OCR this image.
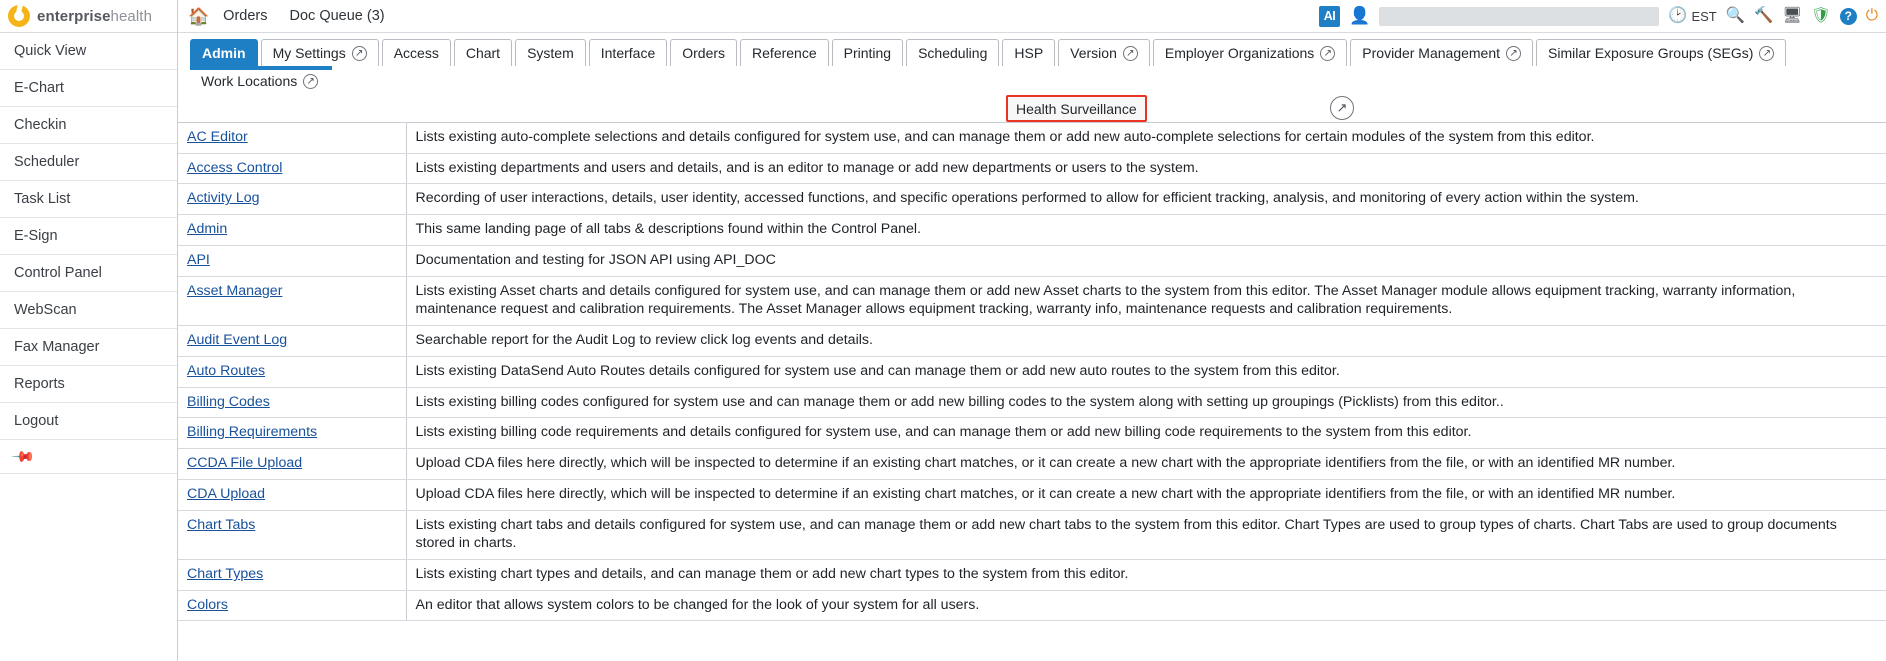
enterprisehealth
Quick View
E-Chart
Checkin
Scheduler
Task List
E-Sign
Control Panel
WebScan
Fax Manager
Reports
Logout
📌
🏠 Orders Doc Queue (3)	AI 👤	🕑 EST 🔍 🔨 🖥 🛡	? ⏻
Admin My Settings ↗ Access Chart System Interface Orders Reference Printing Scheduling HSP Version ↗ Employer Organizations ↗ Provider Management ↗ Similar Exposure Groups (SEGs) ↗
Work Locations ↗
Health Surveillance	↗
AC Editor	Lists existing auto-complete selections and details configured for system use, and can manage them or add new auto-complete selections for certain modules of the system from this editor.
Access Control	Lists existing departments and users and details, and is an editor to manage or add new departments or users to the system.
Activity Log	Recording of user interactions, details, user identity, accessed functions, and specific operations performed to allow for efficient tracking, analysis, and monitoring of every action within the system.
Admin	This same landing page of all tabs & descriptions found within the Control Panel.
API	Documentation and testing for JSON API using API_DOC
Asset Manager	Lists existing Asset charts and details configured for system use, and can manage them or add new Asset charts to the system from this editor. The Asset Manager module allows equipment tracking, warranty information, maintenance request and calibration requirements. The Asset Manager allows equipment tracking, warranty info, maintenance requests and calibration requirements.
Audit Event Log	Searchable report for the Audit Log to review click log events and details.
Auto Routes	Lists existing DataSend Auto Routes details configured for system use and can manage them or add new auto routes to the system from this editor.
Billing Codes	Lists existing billing codes configured for system use and can manage them or add new billing codes to the system along with setting up groupings (Picklists) from this editor..
Billing Requirements	Lists existing billing code requirements and details configured for system use, and can manage them or add new billing code requirements to the system from this editor.
CCDA File Upload	Upload CDA files here directly, which will be inspected to determine if an existing chart matches, or it can create a new chart with the appropriate identifiers from the file, or with an identified MR number.
CDA Upload	Upload CDA files here directly, which will be inspected to determine if an existing chart matches, or it can create a new chart with the appropriate identifiers from the file, or with an identified MR number.
Chart Tabs	Lists existing chart tabs and details configured for system use, and can manage them or add new chart tabs to the system from this editor. Chart Types are used to group types of charts. Chart Tabs are used to group documents stored in charts.
Chart Types	Lists existing chart types and details, and can manage them or add new chart types to the system from this editor.
Colors	An editor that allows system colors to be changed for the look of your system for all users.
